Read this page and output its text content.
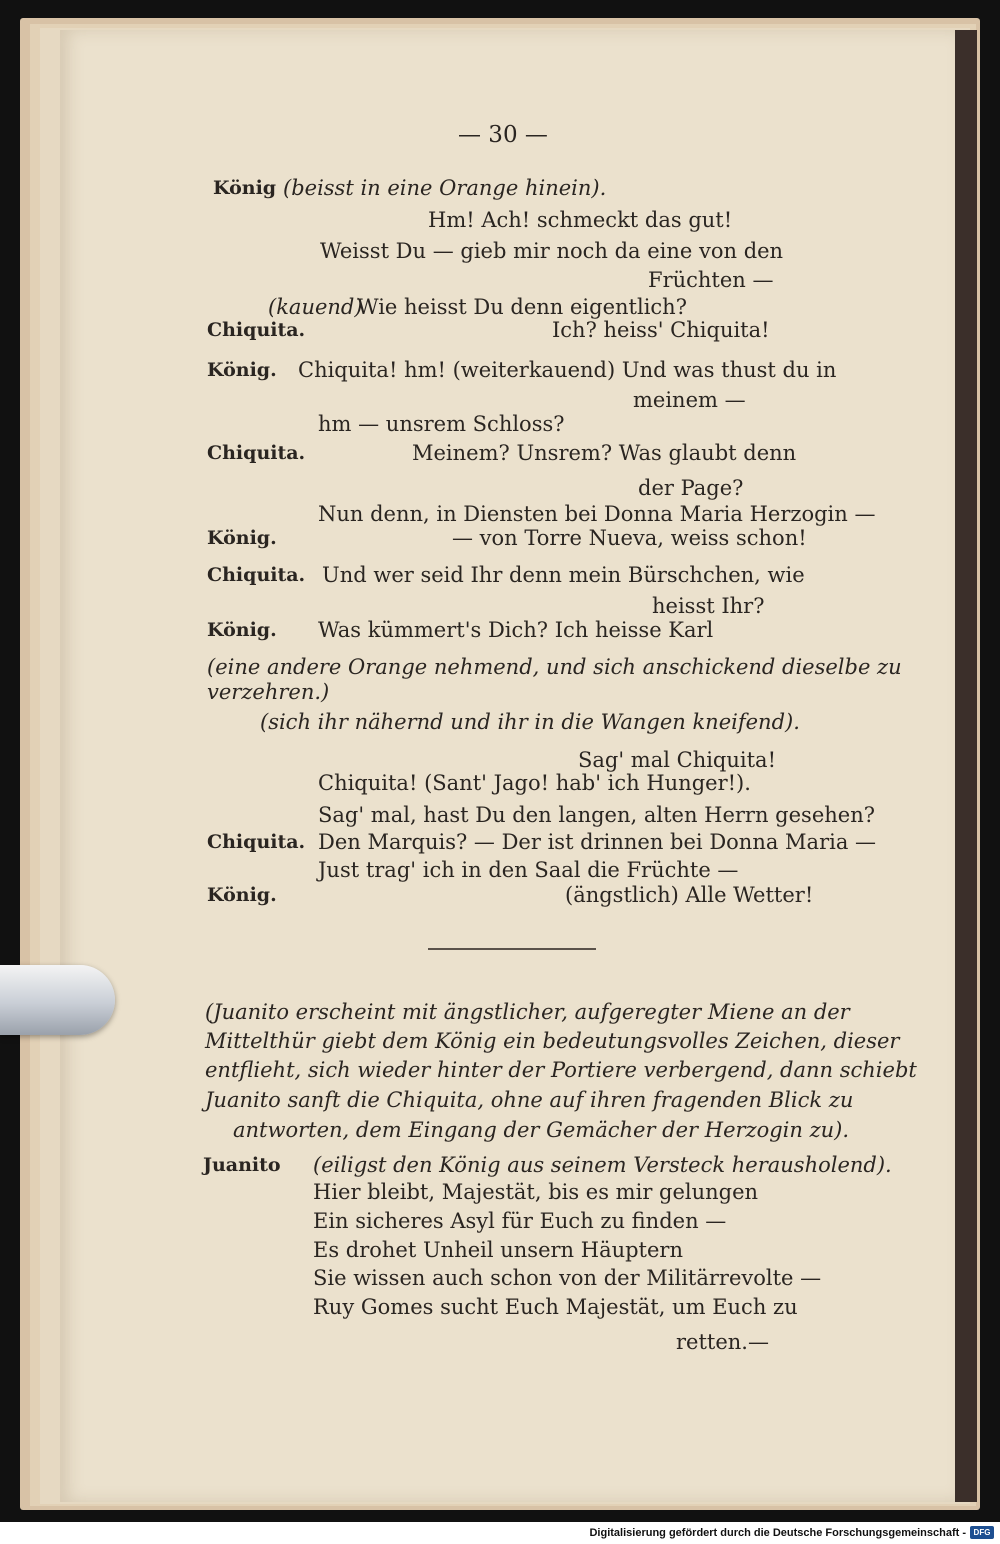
— 30 —
König (beisst in eine Orange hinein).
Hm! Ach! schmeckt das gut!
Weisst Du — gieb mir noch da eine von den
Früchten —
(kauend)
Wie heisst Du denn eigentlich?
Chiquita.	Ich? heiss' Chiquita!
König. Chiquita! hm! (weiterkauend) Und was thust du in
meinem —
hm — unsrem Schloss?
Chiquita.	Meinem? Unsrem? Was glaubt denn
der Page?
Nun denn, in Diensten bei Donna Maria Herzogin —
König.	— von Torre Nueva, weiss schon!
Chiquita. Und wer seid Ihr denn mein Bürschchen, wie
heisst Ihr?
König. Was kümmert's Dich? Ich heisse Karl
(eine andere Orange nehmend, und sich anschickend dieselbe zu
verzehren.)
(sich ihr nähernd und ihr in die Wangen kneifend).
Sag' mal Chiquita!
Chiquita! (Sant' Jago! hab' ich Hunger!).
Sag' mal, hast Du den langen, alten Herrn gesehen?
Chiquita. Den Marquis? — Der ist drinnen bei Donna Maria —
Just trag' ich in den Saal die Früchte —
König.	(ängstlich) Alle Wetter!
(Juanito erscheint mit ängstlicher, aufgeregter Miene an der
Mittelthür giebt dem König ein bedeutungsvolles Zeichen, dieser
entflieht, sich wieder hinter der Portiere verbergend, dann schiebt
Juanito sanft die Chiquita, ohne auf ihren fragenden Blick zu
antworten, dem Eingang der Gemächer der Herzogin zu).
Juanito (eiligst den König aus seinem Versteck herausholend).
Hier bleibt, Majestät, bis es mir gelungen
Ein sicheres Asyl für Euch zu finden —
Es drohet Unheil unsern Häuptern
Sie wissen auch schon von der Militärrevolte —
Ruy Gomes sucht Euch Majestät, um Euch zu
retten.—
Digitalisierung gefördert durch die Deutsche Forschungsgemeinschaft - DFG
